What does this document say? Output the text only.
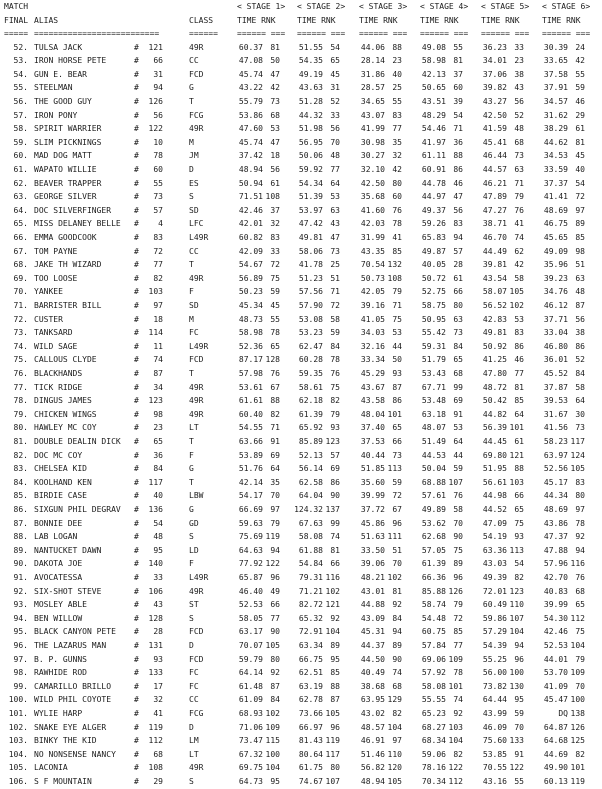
MATCH	< STAGE 1> < STAGE 2> < STAGE 3> < STAGE 4> < STAGE 5> < STAGE 6>
FINAL ALIAS	CLASS	TIME RNK	TIME RNK	TIME RNK	TIME RNK	TIME RNK	TIME RNK
===== ==========================	====== ====== === ====== === ====== === ====== === ====== === ====== ===
52. TULSA JACK	#	121	49R	60.37 81	51.55 54	44.06 88	49.08 55	36.23 33	30.39 24
53. IRON HORSE PETE	#	66	CC	47.08 50	54.35 65	28.14 23	58.98 81	34.01 23	33.65 42
54. GUN E. BEAR	#	31	FCD	45.74 47	49.19 45	31.86 40	42.13 37	37.06 38	37.58 55
55. STEELMAN	#	94	G	43.22 42	43.63 31	28.57 25	50.65 60	39.82 43	37.91 59
56. THE GOOD GUY	#	126	T	55.79 73	51.28 52	34.65 55	43.51 39	43.27 56	34.57 46
57. IRON PONY	#	56	FCG	53.86 68	44.32 33	43.07 83	48.29 54	42.50 52	31.62 29
58. SPIRIT WARRIER	#	122	49R	47.60 53	51.98 56	41.99 77	54.46 71	41.59 48	38.29 61
59. SLIM PICKNINGS	#	10	M	45.74 47	56.95 70	30.98 35	41.97 36	45.41 68	44.62 81
60. MAD DOG MATT	#	78	JM	37.42 18	50.06 48	30.27 32	61.11 88	46.44 73	34.53 45
61. WAPATO WILLIE	#	60	D	48.94 56	59.92 77	32.10 42	60.91 86	44.57 63	33.59 40
62. BEAVER TRAPPER	#	55	ES	50.94 61	54.34 64	42.50 80	44.78 46	46.21 71	37.37 54
63. GEORGE SILVER	#	73	S	71.51 108	51.39 53	35.68 60	44.97 47	47.89 79	41.41 72
64. DOC SILVERFINGER	#	57	SD	42.46 37	53.97 63	41.60 76	49.37 56	47.27 76	48.69 97
65. MISS DELANEY BELLE #	4	LFC	42.01 32	47.42 43	42.03 78	59.26 83	38.71 41	46.75 89
66. EMMA GOODCOOK	#	83	L49R	60.82 83	49.81 47	31.99 41	65.83 94	46.70 74	45.65 85
67. TOM PAYNE	#	72	CC	42.09 33	58.06 73	43.35 85	49.87 57	44.49 62	49.09 98
68. JAKE TH WIZARD	#	77	T	54.67 72	41.78 25	70.54 132	40.05 28	39.81 42	35.96 51
69. TOO LOOSE	#	82	49R	56.89 75	51.23 51	50.73 108	50.72 61	43.54 58	39.23 63
70. YANKEE	#	103	F	50.23 59	57.56 71	42.05 79	52.75 66	58.07 105	34.76 48
71. BARRISTER BILL	#	97	SD	45.34 45	57.90 72	39.16 71	58.75 80	56.52 102	46.12 87
72. CUSTER	#	18	M	48.73 55	53.08 58	41.05 75	50.95 63	42.83 53	37.71 56
73. TANKSARD	#	114	FC	58.98 78	53.23 59	34.03 53	55.42 73	49.81 83	33.04 38
74. WILD SAGE	#	11	L49R	52.36 65	62.47 84	32.16 44	59.31 84	50.92 86	46.80 86
75. CALLOUS CLYDE	#	74	FCD	87.17 128	60.28 78	33.34 50	51.79 65	41.25 46	36.01 52
76. BLACKHANDS	#	87	T	57.98 76	59.35 76	45.29 93	53.43 68	47.80 77	45.52 84
77. TICK RIDGE	#	34	49R	53.61 67	58.61 75	43.67 87	67.71 99	48.72 81	37.87 58
78. DINGUS JAMES	#	123	49R	61.61 88	62.18 82	43.58 86	53.48 69	50.42 85	39.53 64
79. CHICKEN WINGS	#	98	49R	60.40 82	61.39 79	48.04 101	63.18 91	44.82 64	31.67 30
80. HAWLEY MC COY	#	23	LT	54.55 71	65.92 93	37.40 65	48.07 53	56.39 101	41.56 73
81. DOUBLE DEALIN DICK #	65	T	63.66 91	85.89 123	37.53 66	51.49 64	44.45 61	58.23 117
82. DOC MC COY	#	36	F	53.89 69	52.13 57	40.44 73	44.53 44	69.80 121	63.97 124
83. CHELSEA KID	#	84	G	51.76 64	56.14 69	51.85 113	50.04 59	51.95 88	52.56 105
84. KOOLHAND KEN	#	117	T	42.14 35	62.58 86	35.60 59	68.88 107	56.61 103	45.17 83
85. BIRDIE CASE	#	40	LBW	54.17 70	64.04 90	39.99 72	57.61 76	44.98 66	44.34 80
86. SIXGUN PHIL DEGRAV #	136	G	66.69 97	124.32 137	37.72 67	49.89 58	44.52 65	48.69 97
87. BONNIE DEE	#	54	GD	59.63 79	67.63 99	45.86 96	53.62 70	47.09 75	43.86 78
88. LAB LOGAN	#	48	S	75.69 119	58.08 74	51.63 111	62.68 90	54.19 93	47.37 92
89. NANTUCKET DAWN	#	95	LD	64.63 94	61.88 81	33.50 51	57.05 75	63.36 113	47.88 94
90. DAKOTA JOE	#	140	F	77.92 122	54.84 66	39.06 70	61.39 89	43.03 54	57.96 116
91. AVOCATESSA	#	33	L49R	65.87 96	79.31 116	48.21 102	66.36 96	49.39 82	42.70 76
92. SIX-SHOT STEVE	#	106	49R	46.40 49	71.21 102	43.01 81	85.88 126	72.01 123	40.83 68
93. MOSLEY ABLE	#	43	ST	52.53 66	82.72 121	44.88 92	58.74 79	60.49 110	39.99 65
94. BEN WILLOW	#	128	S	58.05 77	65.32 92	43.09 84	54.48 72	59.86 107	54.30 112
95. BLACK CANYON PETE #	28	FCD	63.17 90	72.91 104	45.31 94	60.75 85	57.29 104	42.46 75
96. THE LAZARUS MAN	#	131	D	70.07 105	63.34 89	44.37 89	57.84 77	54.39 94	52.53 104
97. B. P. GUNNS	#	93	FCD	59.79 80	66.75 95	44.50 90	69.06 109	55.25 96	44.01 79
98. RAWHIDE ROD	#	133	FC	64.14 92	62.51 85	40.49 74	57.92 78	56.00 100	53.70 109
99. CAMARILLO BRILLO	#	17	FC	61.48 87	63.19 88	38.68 68	58.08 101	73.82 130	41.09 70
100. WILD PHIL COYOTE	#	32	CC	61.09 84	62.78 87	63.95 129	55.55 74	64.44 95	45.47 100
101. WYLIE HARP	#	41	FCG	68.93 102	73.66 105	43.02 82	65.23 92	43.99 59	DQ 138
102. SNAKE EYE ALGER	#	119	D	71.06 109	66.97 96	48.57 104	68.27 103	46.09 70	64.87 126
103. BINKY THE KID	#	112	LM	73.47 115	81.43 119	46.91 97	68.34 104	75.60 133	64.68 125
104. NO NONSENSE NANCY #	68	LT	67.32 100	80.64 117	51.46 110	59.06 82	53.85 91	44.69 82
105. LACONIA	#	108	49R	69.75 104	61.75 80	56.82 120	78.16 122	70.55 122	49.90 101
106. S F MOUNTAIN	#	29	S	64.73 95	74.67 107	48.94 105	70.34 112	43.16 55	60.13 119
